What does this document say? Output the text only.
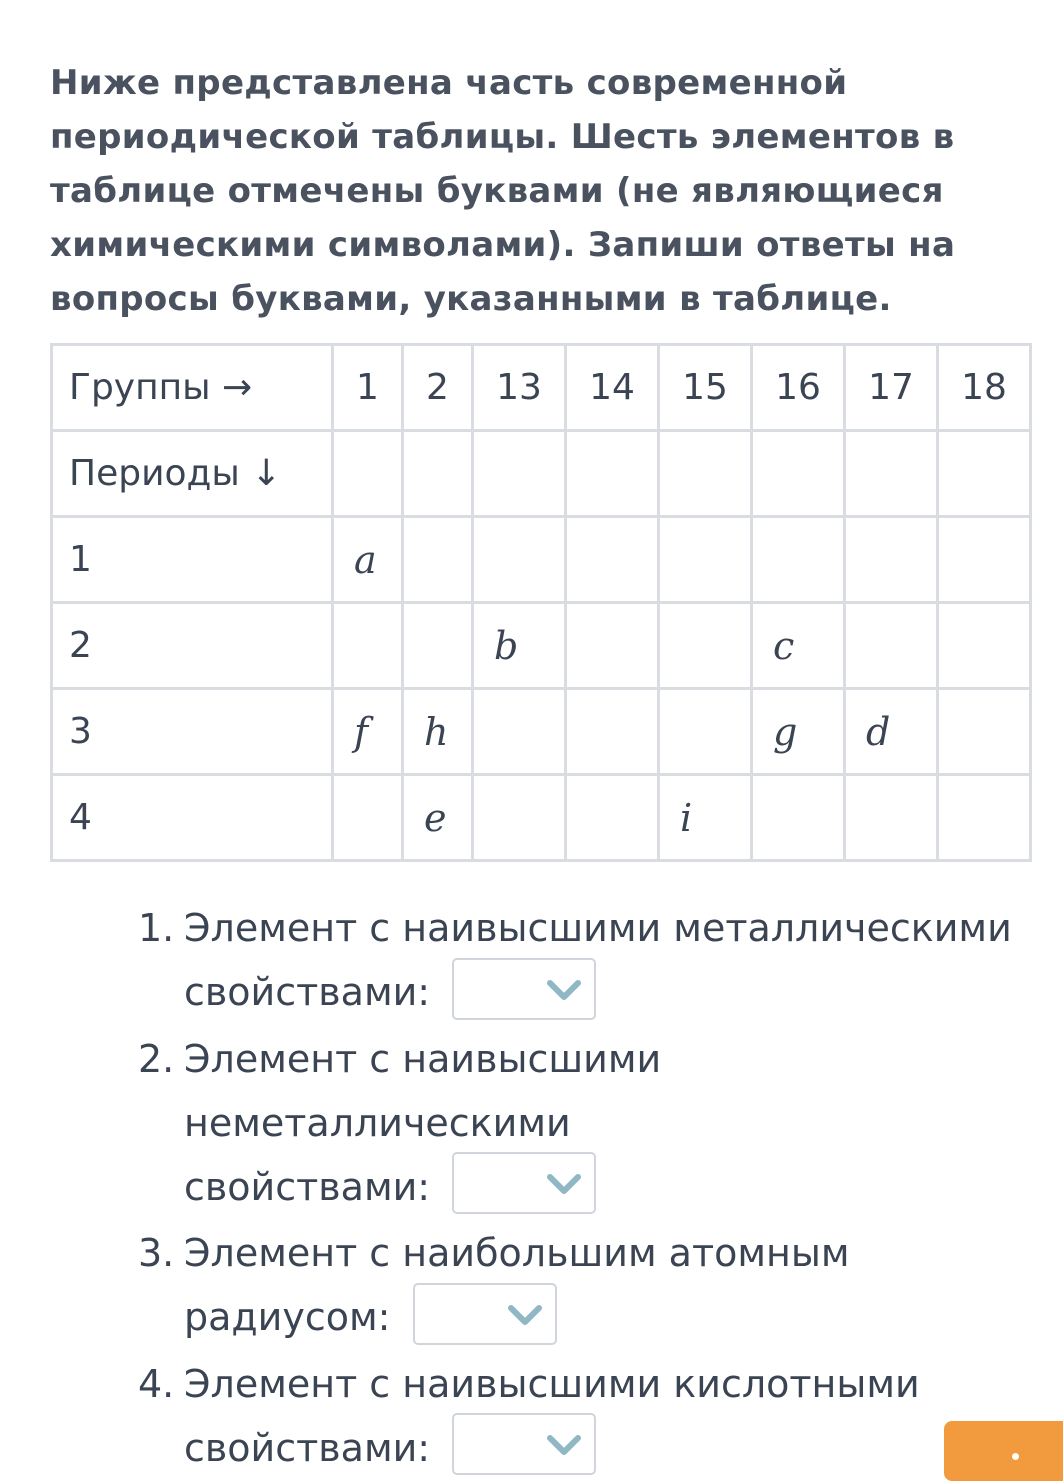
Ниже представлена часть современной периодической таблицы. Шесть элементов в таблице отмечены буквами (не являющиеся химическими символами). Запиши ответы на вопросы буквами, указанными в таблице.

Группы →	1	2	13	14	15	16	17	18
Периоды ↓								
1	a							
2			b			c		
3	f	h				g	d	
4		e			i			
1. Элемент с наивысшими металлическими
свойствами:
2. Элемент с наивысшими неметаллическими
свойствами:
3. Элемент с наибольшим атомным
радиусом:
4. Элемент с наивысшими кислотными
свойствами:
